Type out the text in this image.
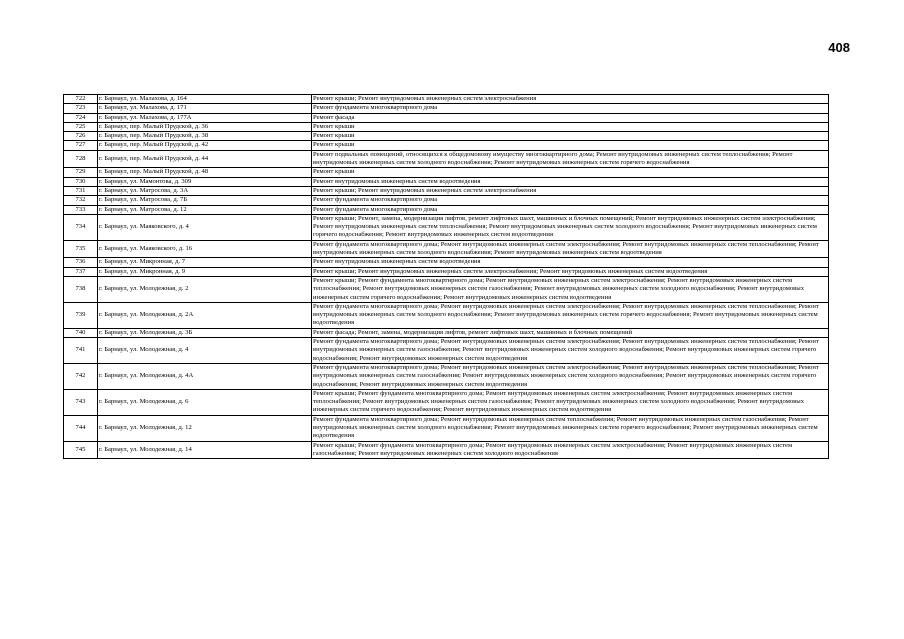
408
722	г. Барнаул, ул. Малахова, д. 164	Ремонт крыши; Ремонт внутридомовых инженерных систем электроснабжения
723	г. Барнаул, ул. Малахова, д. 171	Ремонт фундамента многоквартирного дома
724	г. Барнаул, ул. Малахова, д. 177А	Ремонт фасада
725	г. Барнаул, пер. Малый Прудской, д. 36	Ремонт крыши
726	г. Барнаул, пер. Малый Прудской, д. 38	Ремонт крыши
727	г. Барнаул, пер. Малый Прудской, д. 42	Ремонт крыши
728	г. Барнаул, пер. Малый Прудской, д. 44	Ремонт подвальных помещений, относящихся к общедомовому имуществу многоквартирного дома; Ремонт внутридомовых инженерных систем теплоснабжения; Ремонт внутридомовых инженерных систем холодного водоснабжения; Ремонт внутридомовых инженерных систем горячего водоснабжения
729	г. Барнаул, пер. Малый Прудской, д. 48	Ремонт крыши
730	г. Барнаул, ул. Мамонтова, д. 309	Ремонт внутридомовых инженерных систем водоотведения
731	г. Барнаул, ул. Матросова, д. 3А	Ремонт крыши; Ремонт внутридомовых инженерных систем электроснабжения
732	г. Барнаул, ул. Матросова, д. 7Б	Ремонт фундамента многоквартирного дома
733	г. Барнаул, ул. Матросова, д. 12	Ремонт фундамента многоквартирного дома
734	г. Барнаул, ул. Маяковского, д. 4	Ремонт крыши; Ремонт, замена, модернизация лифтов, ремонт лифтовых шахт, машинных и блочных помещений; Ремонт внутридомовых инженерных систем электроснабжения; Ремонт внутридомовых инженерных систем теплоснабжения; Ремонт внутридомовых инженерных систем холодного водоснабжения; Ремонт внутридомовых инженерных систем горячего водоснабжения; Ремонт внутридомовых инженерных систем водоотведения
735	г. Барнаул, ул. Маяковского, д. 16	Ремонт фундамента многоквартирного дома; Ремонт внутридомовых инженерных систем электроснабжения; Ремонт внутридомовых инженерных систем теплоснабжения; Ремонт внутридомовых инженерных систем холодного водоснабжения; Ремонт внутридомовых инженерных систем водоотведения
736	г. Барнаул, ул. Микронная, д. 7	Ремонт внутридомовых инженерных систем водоотведения
737	г. Барнаул, ул. Микронная, д. 9	Ремонт крыши; Ремонт внутридомовых инженерных систем электроснабжения; Ремонт внутридомовых инженерных систем водоотведения
738	г. Барнаул, ул. Молодежная, д. 2	Ремонт крыши; Ремонт фундамента многоквартирного дома; Ремонт внутридомовых инженерных систем электроснабжения; Ремонт внутридомовых инженерных систем теплоснабжения; Ремонт внутридомовых инженерных систем газоснабжения; Ремонт внутридомовых инженерных систем холодного водоснабжения; Ремонт внутридомовых инженерных систем горячего водоснабжения; Ремонт внутридомовых инженерных систем водоотведения
739	г. Барнаул, ул. Молодежная, д. 2А	Ремонт фундамента многоквартирного дома; Ремонт внутридомовых инженерных систем электроснабжения; Ремонт внутридомовых инженерных систем теплоснабжения; Ремонт внутридомовых инженерных систем холодного водоснабжения; Ремонт внутридомовых инженерных систем горячего водоснабжения; Ремонт внутридомовых инженерных систем водоотведения
740	г. Барнаул, ул. Молодежная, д. 3Б	Ремонт фасада; Ремонт, замена, модернизация лифтов, ремонт лифтовых шахт, машинных и блочных помещений
741	г. Барнаул, ул. Молодежная, д. 4	Ремонт фундамента многоквартирного дома; Ремонт внутридомовых инженерных систем электроснабжения; Ремонт внутридомовых инженерных систем теплоснабжения; Ремонт внутридомовых инженерных систем газоснабжения; Ремонт внутридомовых инженерных систем холодного водоснабжения; Ремонт внутридомовых инженерных систем горячего водоснабжения; Ремонт внутридомовых инженерных систем водоотведения
742	г. Барнаул, ул. Молодежная, д. 4А	Ремонт фундамента многоквартирного дома; Ремонт внутридомовых инженерных систем электроснабжения; Ремонт внутридомовых инженерных систем теплоснабжения; Ремонт внутридомовых инженерных систем газоснабжения; Ремонт внутридомовых инженерных систем холодного водоснабжения; Ремонт внутридомовых инженерных систем горячего водоснабжения; Ремонт внутридомовых инженерных систем водоотведения
743	г. Барнаул, ул. Молодежная, д. 6	Ремонт крыши; Ремонт фундамента многоквартирного дома; Ремонт внутридомовых инженерных систем электроснабжения; Ремонт внутридомовых инженерных систем теплоснабжения; Ремонт внутридомовых инженерных систем газоснабжения; Ремонт внутридомовых инженерных систем холодного водоснабжения; Ремонт внутридомовых инженерных систем горячего водоснабжения; Ремонт внутридомовых инженерных систем водоотведения
744	г. Барнаул, ул. Молодежная, д. 12	Ремонт фундамента многоквартирного дома; Ремонт внутридомовых инженерных систем теплоснабжения; Ремонт внутридомовых инженерных систем газоснабжения; Ремонт внутридомовых инженерных систем холодного водоснабжения; Ремонт внутридомовых инженерных систем горячего водоснабжения; Ремонт внутридомовых инженерных систем водоотведения
745	г. Барнаул, ул. Молодежная, д. 14	Ремонт крыши; Ремонт фундамента многоквартирного дома; Ремонт внутридомовых инженерных систем электроснабжения; Ремонт внутридомовых инженерных систем газоснабжения; Ремонт внутридомовых инженерных систем холодного водоснабжения
